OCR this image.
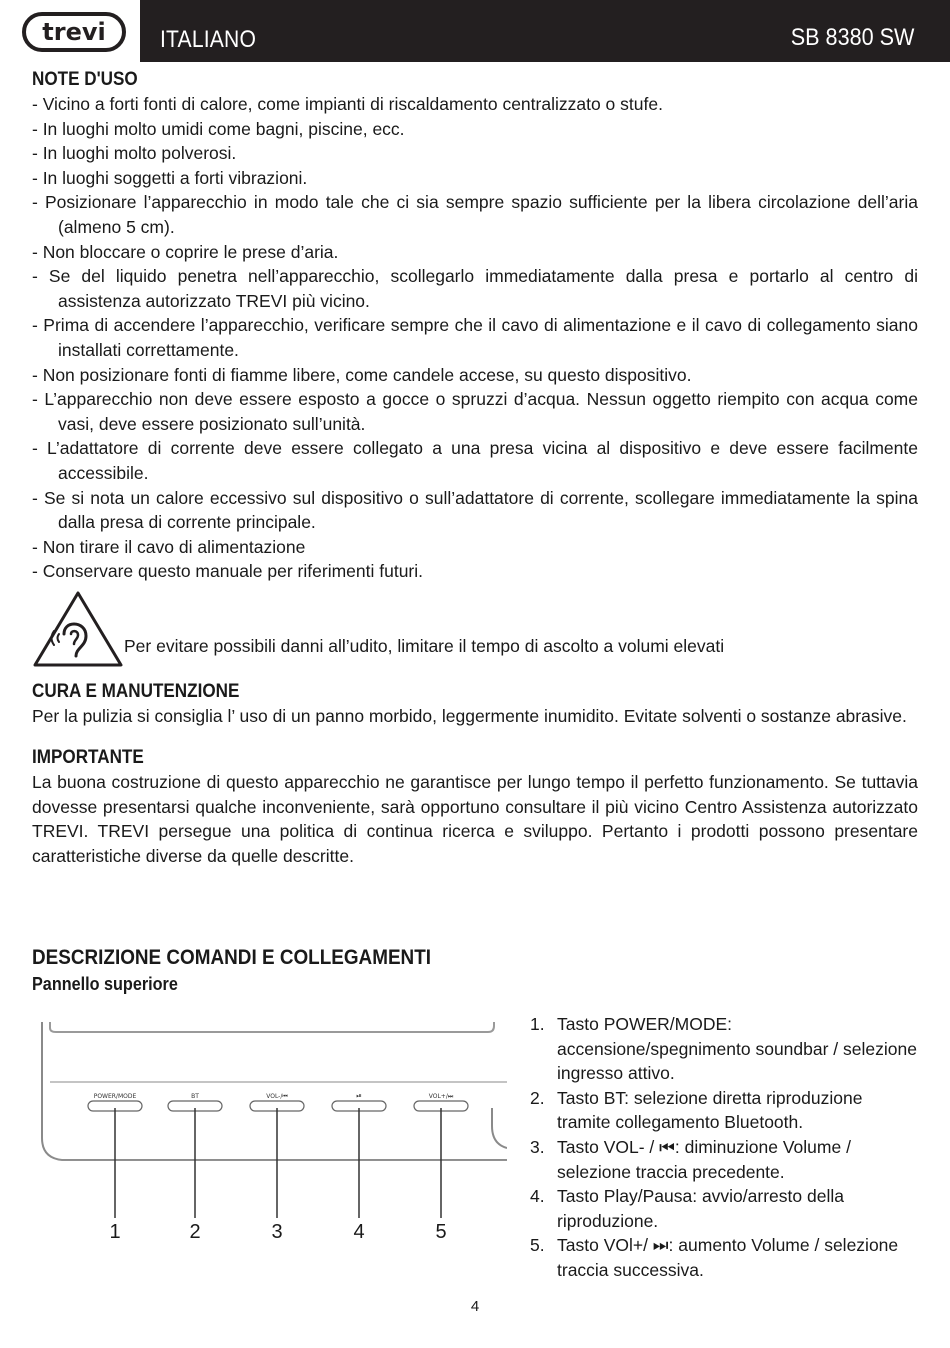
trevi ITALIANO	SB 8380 SW
NOTE D'USO
- Vicino a forti fonti di calore, come impianti di riscaldamento centralizzato o stufe.
- In luoghi molto umidi come bagni, piscine, ecc.
- In luoghi molto polverosi.
- In luoghi soggetti a forti vibrazioni.
- Posizionare l’apparecchio in modo tale che ci sia sempre spazio sufficiente per la libera circolazione dell’aria (almeno 5 cm).
- Non bloccare o coprire le prese d’aria.
- Se del liquido penetra nell’apparecchio, scollegarlo immediatamente dalla presa e portarlo al centro di assistenza autorizzato TREVI più vicino.
- Prima di accendere l’apparecchio, verificare sempre che il cavo di alimentazione e il cavo di collegamento siano installati correttamente.
- Non posizionare fonti di fiamme libere, come candele accese, su questo dispositivo.
- L’apparecchio non deve essere esposto a gocce o spruzzi d’acqua. Nessun oggetto riempito con acqua come vasi, deve essere posizionato sull’unità.
- L’adattatore di corrente deve essere collegato a una presa vicina al dispositivo e deve essere facilmente accessibile.
- Se si nota un calore eccessivo sul dispositivo o sull’adattatore di corrente, scollegare immediatamente la spina dalla presa di corrente principale.
- Non tirare il cavo di alimentazione
- Conservare questo manuale per riferimenti futuri.
Per evitare possibili danni all’udito, limitare il tempo di ascolto a volumi elevati
CURA E MANUTENZIONE

Per la pulizia si consiglia l’ uso di un panno morbido, leggermente inumidito. Evitate solventi o sostanze abrasive.

IMPORTANTE

La buona costruzione di questo apparecchio ne garantisce per lungo tempo il perfetto funzionamento. Se tuttavia dovesse presentarsi qualche inconveniente, sarà opportuno consultare il più vicino Centro Assistenza autorizzato TREVI. TREVI persegue una politica di continua ricerca e sviluppo. Pertanto i prodotti possono presentare caratteristiche diverse da quelle descritte.

DESCRIZIONE COMANDI E COLLEGAMENTI
Pannello superiore
POWER/MODE	BT	VOL-/⏮	⏯	VOL+/⏭
1	2	3	4	5
1. Tasto POWER/MODE: accensione/spegnimento soundbar / selezione ingresso attivo.
2. Tasto BT: selezione diretta riproduzione tramite collegamento Bluetooth.
3. Tasto VOL- / ⏮: diminuzione Volume / selezione traccia precedente.
4. Tasto Play/Pausa: avvio/arresto della riproduzione.
5. Tasto VOl+/ ⏭: aumento Volume / selezione traccia successiva.
4
